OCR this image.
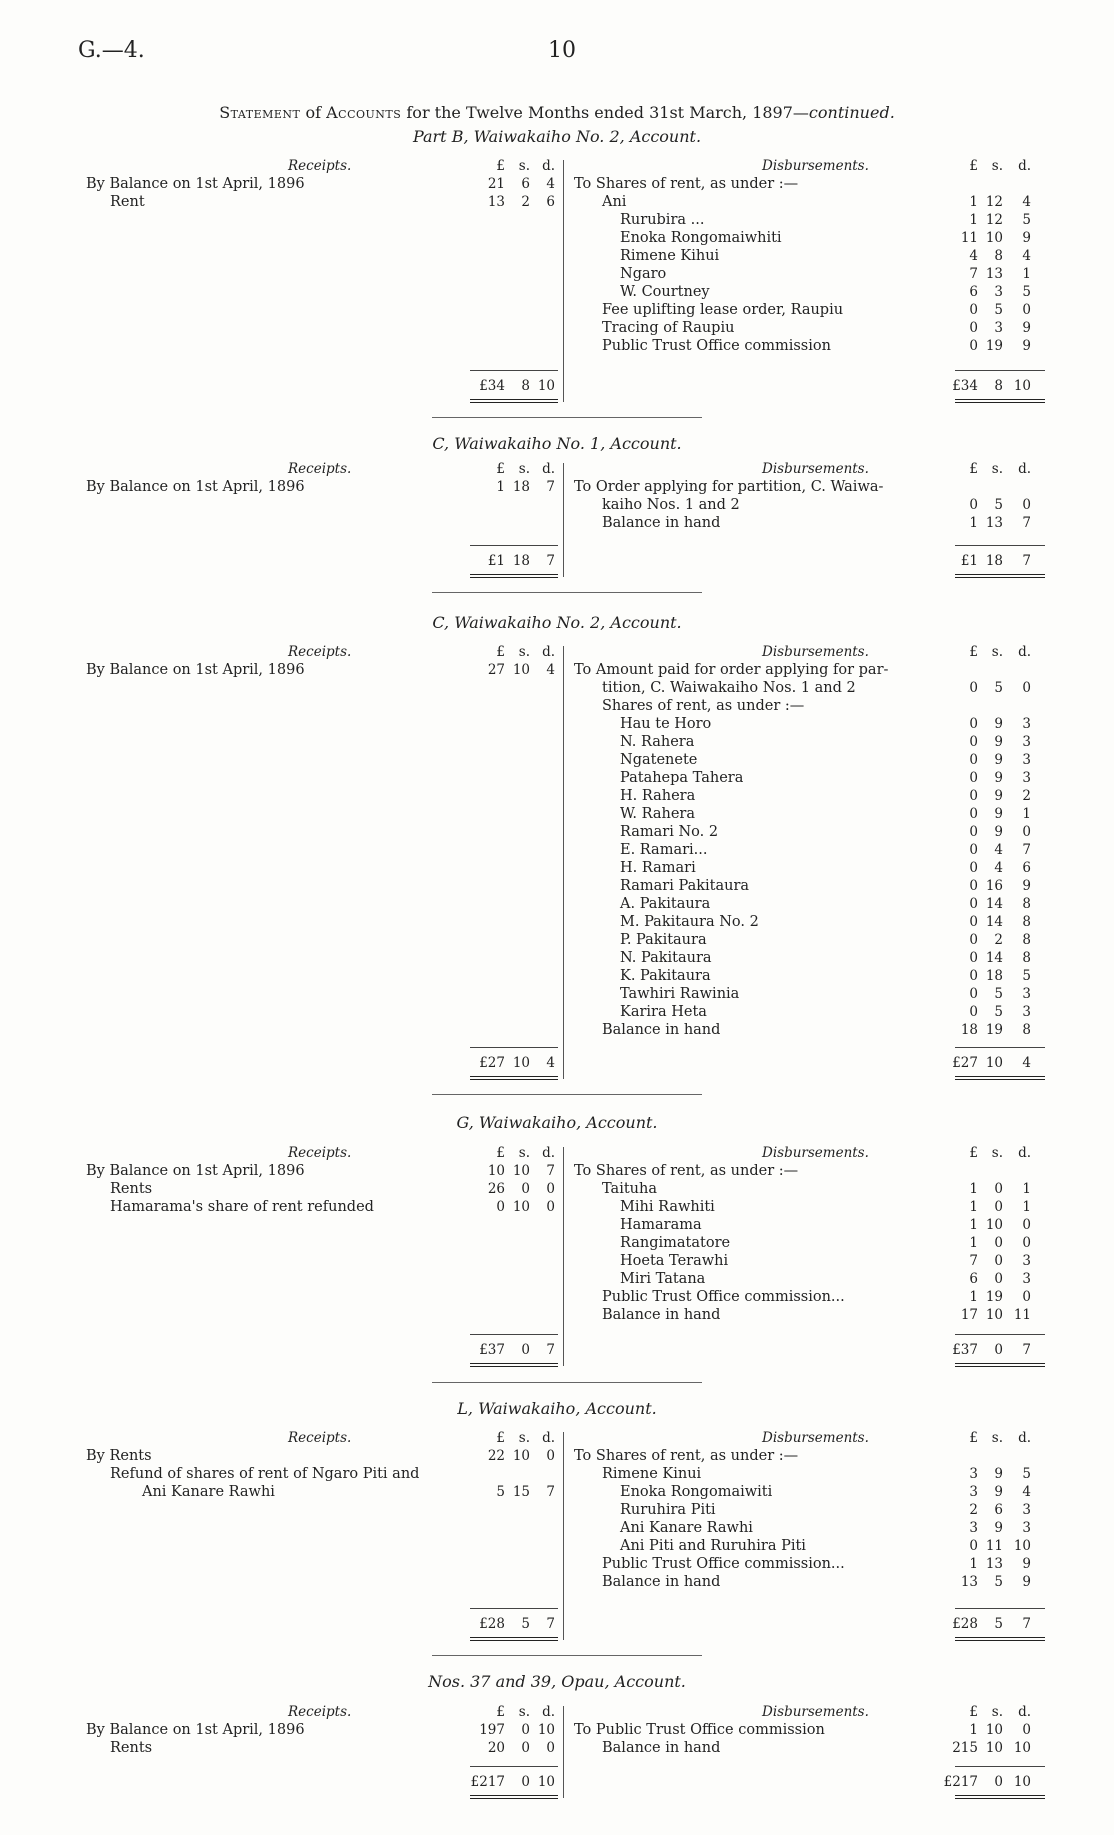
G.—4.	10
Statement of Accounts for the Twelve Months ended 31st March, 1897—continued.
Part B, Waiwakaiho No. 2, Account.
Receipts.	£ s. d.	Disbursements.	£ s. d.
By Balance on 1st April, 1896	21 6 4
Rent	13 2 6
To Shares of rent, as under :—
Ani	1 12 4
Rurubira ...	1 12 5
Enoka Rongomaiwhiti	11 10 9
Rimene Kihui	4 8 4
Ngaro	7 13 1
W. Courtney	6 3 5
Fee uplifting lease order, Raupiu	0 5 0
Tracing of Raupiu	0 3 9
Public Trust Office commission	0 19 9
£34 8 10	£34 8 10
C, Waiwakaiho No. 1, Account.
Receipts.	£ s. d.	Disbursements.	£ s. d.
By Balance on 1st April, 1896	1 18 7 To Order applying for partition, C. Waiwa-
kaiho Nos. 1 and 2	0 5 0
Balance in hand	1 13 7
£1 18 7	£1 18 7
C, Waiwakaiho No. 2, Account.
Receipts.	£ s. d.	Disbursements.	£ s. d.
By Balance on 1st April, 1896	27 10 4 To Amount paid for order applying for par-
tition, C. Waiwakaiho Nos. 1 and 2	0 5 0
Shares of rent, as under :—
Hau te Horo	0 9 3
N. Rahera	0 9 3
Ngatenete	0 9 3
Patahepa Tahera	0 9 3
H. Rahera	0 9 2
W. Rahera	0 9 1
Ramari No. 2	0 9 0
E. Ramari...	0 4 7
H. Ramari	0 4 6
Ramari Pakitaura	0 16 9
A. Pakitaura	0 14 8
M. Pakitaura No. 2	0 14 8
P. Pakitaura	0 2 8
N. Pakitaura	0 14 8
K. Pakitaura	0 18 5
Tawhiri Rawinia	0 5 3
Karira Heta	0 5 3
Balance in hand	18 19 8
£27 10 4	£27 10 4
G, Waiwakaiho, Account.
Receipts.	£ s. d.	Disbursements.	£ s. d.
By Balance on 1st April, 1896	10 10 7
Rents	26 0 0
Hamarama's share of rent refunded	0 10 0
To Shares of rent, as under :—
Taituha	1 0 1
Mihi Rawhiti	1 0 1
Hamarama	1 10 0
Rangimatatore	1 0 0
Hoeta Terawhi	7 0 3
Miri Tatana	6 0 3
Public Trust Office commission...	1 19 0
Balance in hand	17 10 11
£37 0 7	£37 0 7
L, Waiwakaiho, Account.
Receipts.	£ s. d.	Disbursements.	£ s. d.
By Rents	22 10 0
Refund of shares of rent of Ngaro Piti and
Ani Kanare Rawhi	5 15 7
To Shares of rent, as under :—
Rimene Kinui	3 9 5
Enoka Rongomaiwiti	3 9 4
Ruruhira Piti	2 6 3
Ani Kanare Rawhi	3 9 3
Ani Piti and Ruruhira Piti	0 11 10
Public Trust Office commission...	1 13 9
Balance in hand	13 5 9
£28 5 7	£28 5 7
Nos. 37 and 39, Opau, Account.
Receipts.	£ s. d.	Disbursements.	£ s. d.
By Balance on 1st April, 1896	197 0 10
Rents	20 0 0
To Public Trust Office commission	1 10 0
Balance in hand	215 10 10
£217 0 10	£217 0 10
